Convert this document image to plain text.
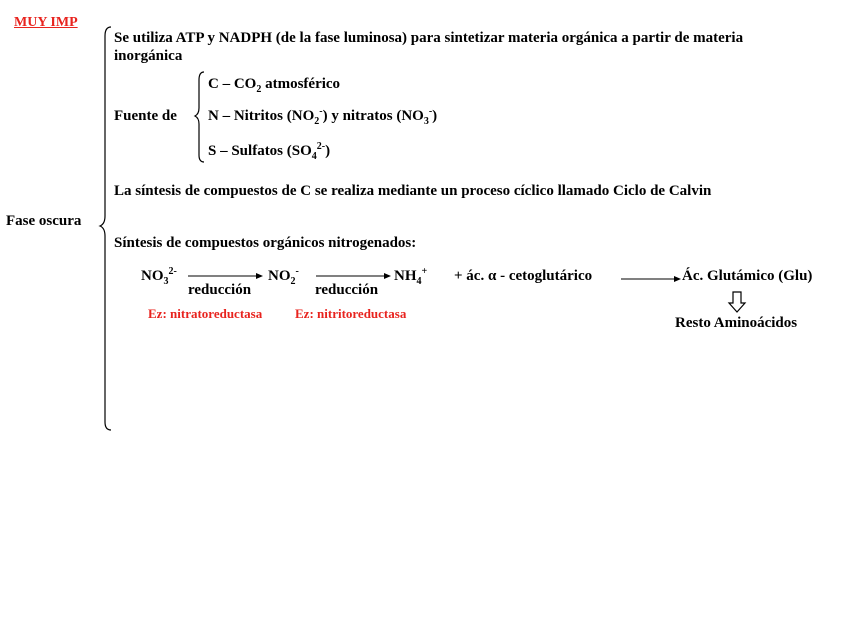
MUY IMP
Fase oscura
Se utiliza ATP y NADPH (de la fase luminosa) para sintetizar materia orgánica a partir de materia
inorgánica
Fuente de
C – $CO_2$ atmosférico
N – Nitritos $(NO_2^-)$ y nitratos $(NO_3^-)$
S – Sulfatos $(SO_4^{2-})$
La síntesis de compuestos de C se realiza mediante un proceso cíclico llamado Ciclo de Calvin
Síntesis de compuestos orgánicos nitrogenados:
$NO_3^{2-}$
reducción
$NO_2^-$
reducción
$NH_4^+$ + ác. α - cetoglutárico	Ác. Glutámico (Glu)
Ez: nitratoreductasa	Ez: nitritoreductasa
Resto Aminoácidos
